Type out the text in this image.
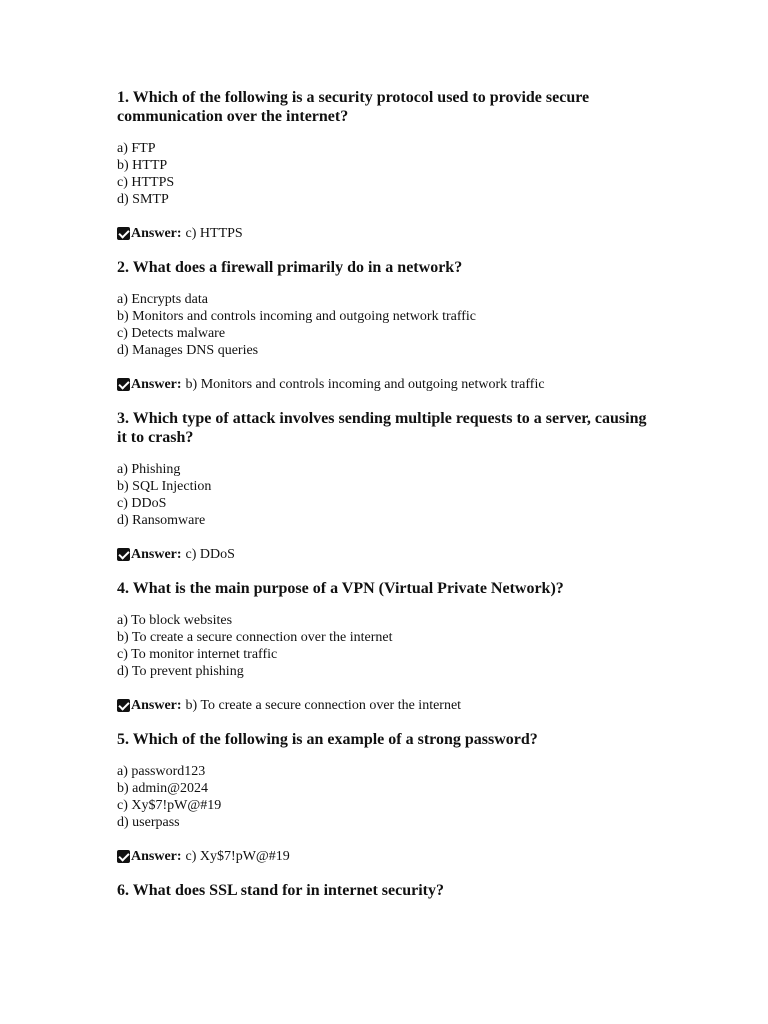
1. Which of the following is a security protocol used to provide secure communication over the internet?

a) FTP
b) HTTP
c) HTTPS
d) SMTP
Answer: c) HTTPS

2. What does a firewall primarily do in a network?

a) Encrypts data
b) Monitors and controls incoming and outgoing network traffic
c) Detects malware
d) Manages DNS queries
Answer: b) Monitors and controls incoming and outgoing network traffic

3. Which type of attack involves sending multiple requests to a server, causing it to crash?

a) Phishing
b) SQL Injection
c) DDoS
d) Ransomware
Answer: c) DDoS

4. What is the main purpose of a VPN (Virtual Private Network)?

a) To block websites
b) To create a secure connection over the internet
c) To monitor internet traffic
d) To prevent phishing
Answer: b) To create a secure connection over the internet

5. Which of the following is an example of a strong password?

a) password123
b) admin@2024
c) Xy$7!pW@#19
d) userpass
Answer: c) Xy$7!pW@#19

6. What does SSL stand for in internet security?
